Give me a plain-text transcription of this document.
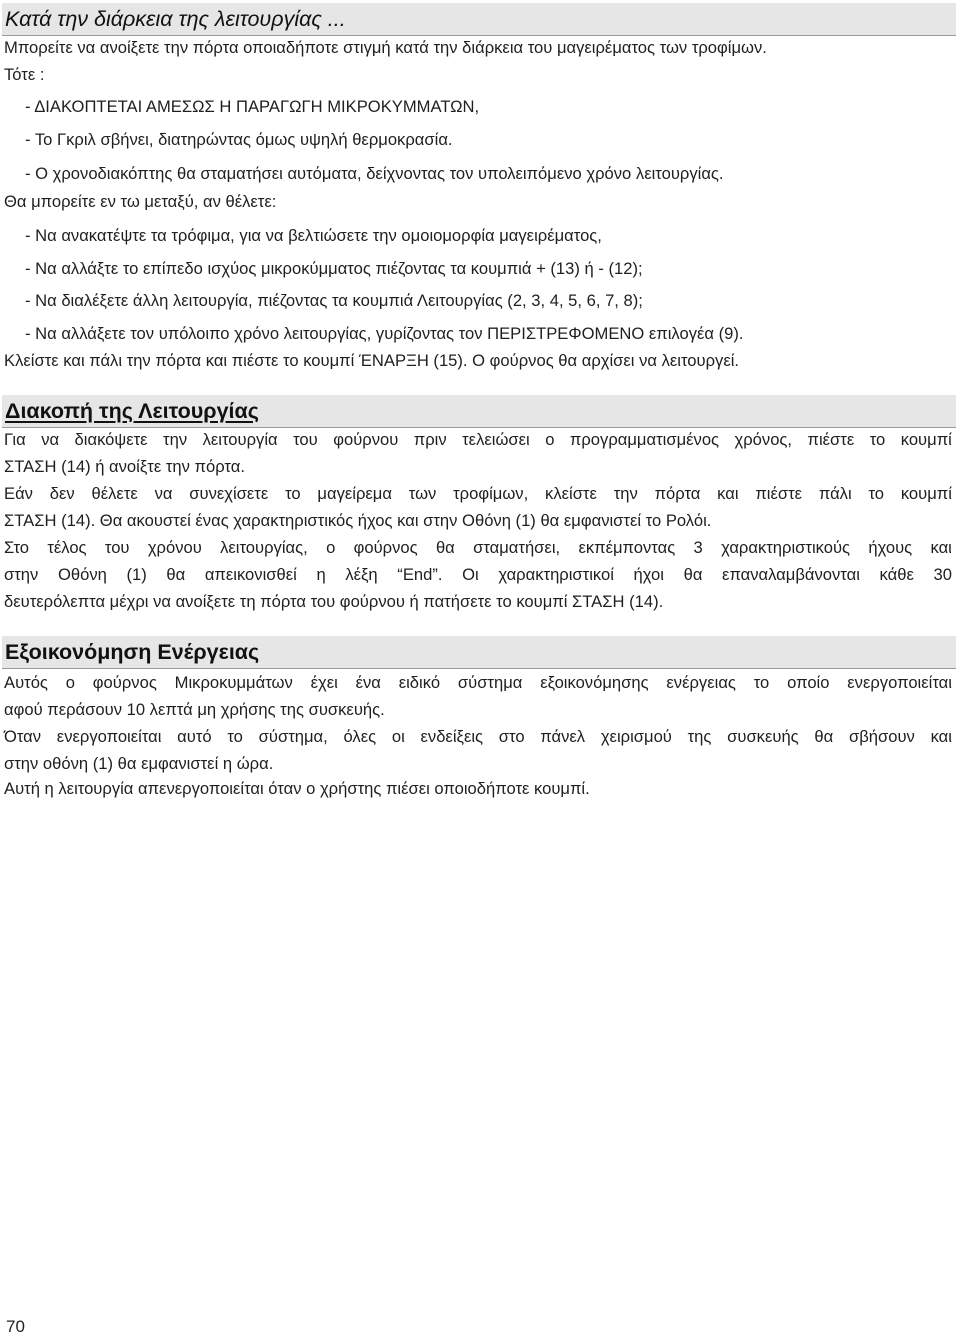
Κατά την διάρκεια της λειτουργίας ...
Μπορείτε να ανοίξετε την πόρτα οποιαδήποτε στιγμή κατά την διάρκεια του μαγειρέματος των τροφίμων.
Τότε :
- ΔΙΑΚΟΠΤΕΤΑΙ ΑΜΕΣΩΣ Η ΠΑΡΑΓΩΓΗ ΜΙΚΡΟΚΥΜΜΑΤΩΝ,
- Το Γκριλ σβήνει, διατηρώντας όμως υψηλή θερμοκρασία.
- Ο χρονοδιακόπτης θα σταματήσει αυτόματα, δείχνοντας τον υπολειπόμενο χρόνο λειτουργίας.
Θα μπορείτε εν τω μεταξύ, αν θέλετε:
- Να ανακατέψτε τα τρόφιμα, για να βελτιώσετε την ομοιομορφία μαγειρέματος,
- Να αλλάξτε το επίπεδο ισχύος μικροκύμματος πιέζοντας τα κουμπιά + (13) ή - (12);
- Να διαλέξετε άλλη λειτουργία, πιέζοντας τα κουμπιά Λειτουργίας (2, 3, 4, 5, 6, 7, 8);
- Να αλλάξετε τον υπόλοιπο χρόνο λειτουργίας, γυρίζοντας τον ΠΕΡΙΣΤΡΕΦΟΜΕΝΟ επιλογέα (9).
Κλείστε και πάλι την πόρτα και πιέστε το κουμπί ΈΝΑΡΞΗ (15). Ο φούρνος θα αρχίσει να λειτουργεί.
Διακοπή της Λειτουργίας
Για να διακόψετε την λειτουργία του φούρνου πριν τελειώσει ο προγραμματισμένος χρόνος, πιέστε το κουμπί
ΣΤΑΣΗ (14) ή ανοίξτε την πόρτα.
Εάν δεν θέλετε να συνεχίσετε το μαγείρεμα των τροφίμων, κλείστε την πόρτα και πιέστε πάλι το κουμπί
ΣΤΑΣΗ (14). Θα ακουστεί ένας χαρακτηριστικός ήχος και στην Οθόνη (1) θα εμφανιστεί το Ρολόι.
Στο τέλος του χρόνου λειτουργίας, ο φούρνος θα σταματήσει, εκπέμποντας 3 χαρακτηριστικούς ήχους και
στην Οθόνη (1) θα απεικονισθεί η λέξη “End”. Οι χαρακτηριστικοί ήχοι θα επαναλαμβάνονται κάθε 30
δευτερόλεπτα μέχρι να ανοίξετε τη πόρτα του φούρνου ή πατήσετε το κουμπί ΣΤΑΣΗ (14).
Εξοικονόμηση Ενέργειας
Αυτός ο φούρνος Μικροκυμμάτων έχει ένα ειδικό σύστημα εξοικονόμησης ενέργειας το οποίο ενεργοποιείται
αφού περάσουν 10 λεπτά μη χρήσης της συσκευής.
Όταν ενεργοποιείται αυτό το σύστημα, όλες οι ενδείξεις στο πάνελ χειρισμού της συσκευής θα σβήσουν και
στην οθόνη (1) θα εμφανιστεί η ώρα.
Αυτή η λειτουργία απενεργοποιείται όταν ο χρήστης πιέσει οποιοδήποτε κουμπί.
70
